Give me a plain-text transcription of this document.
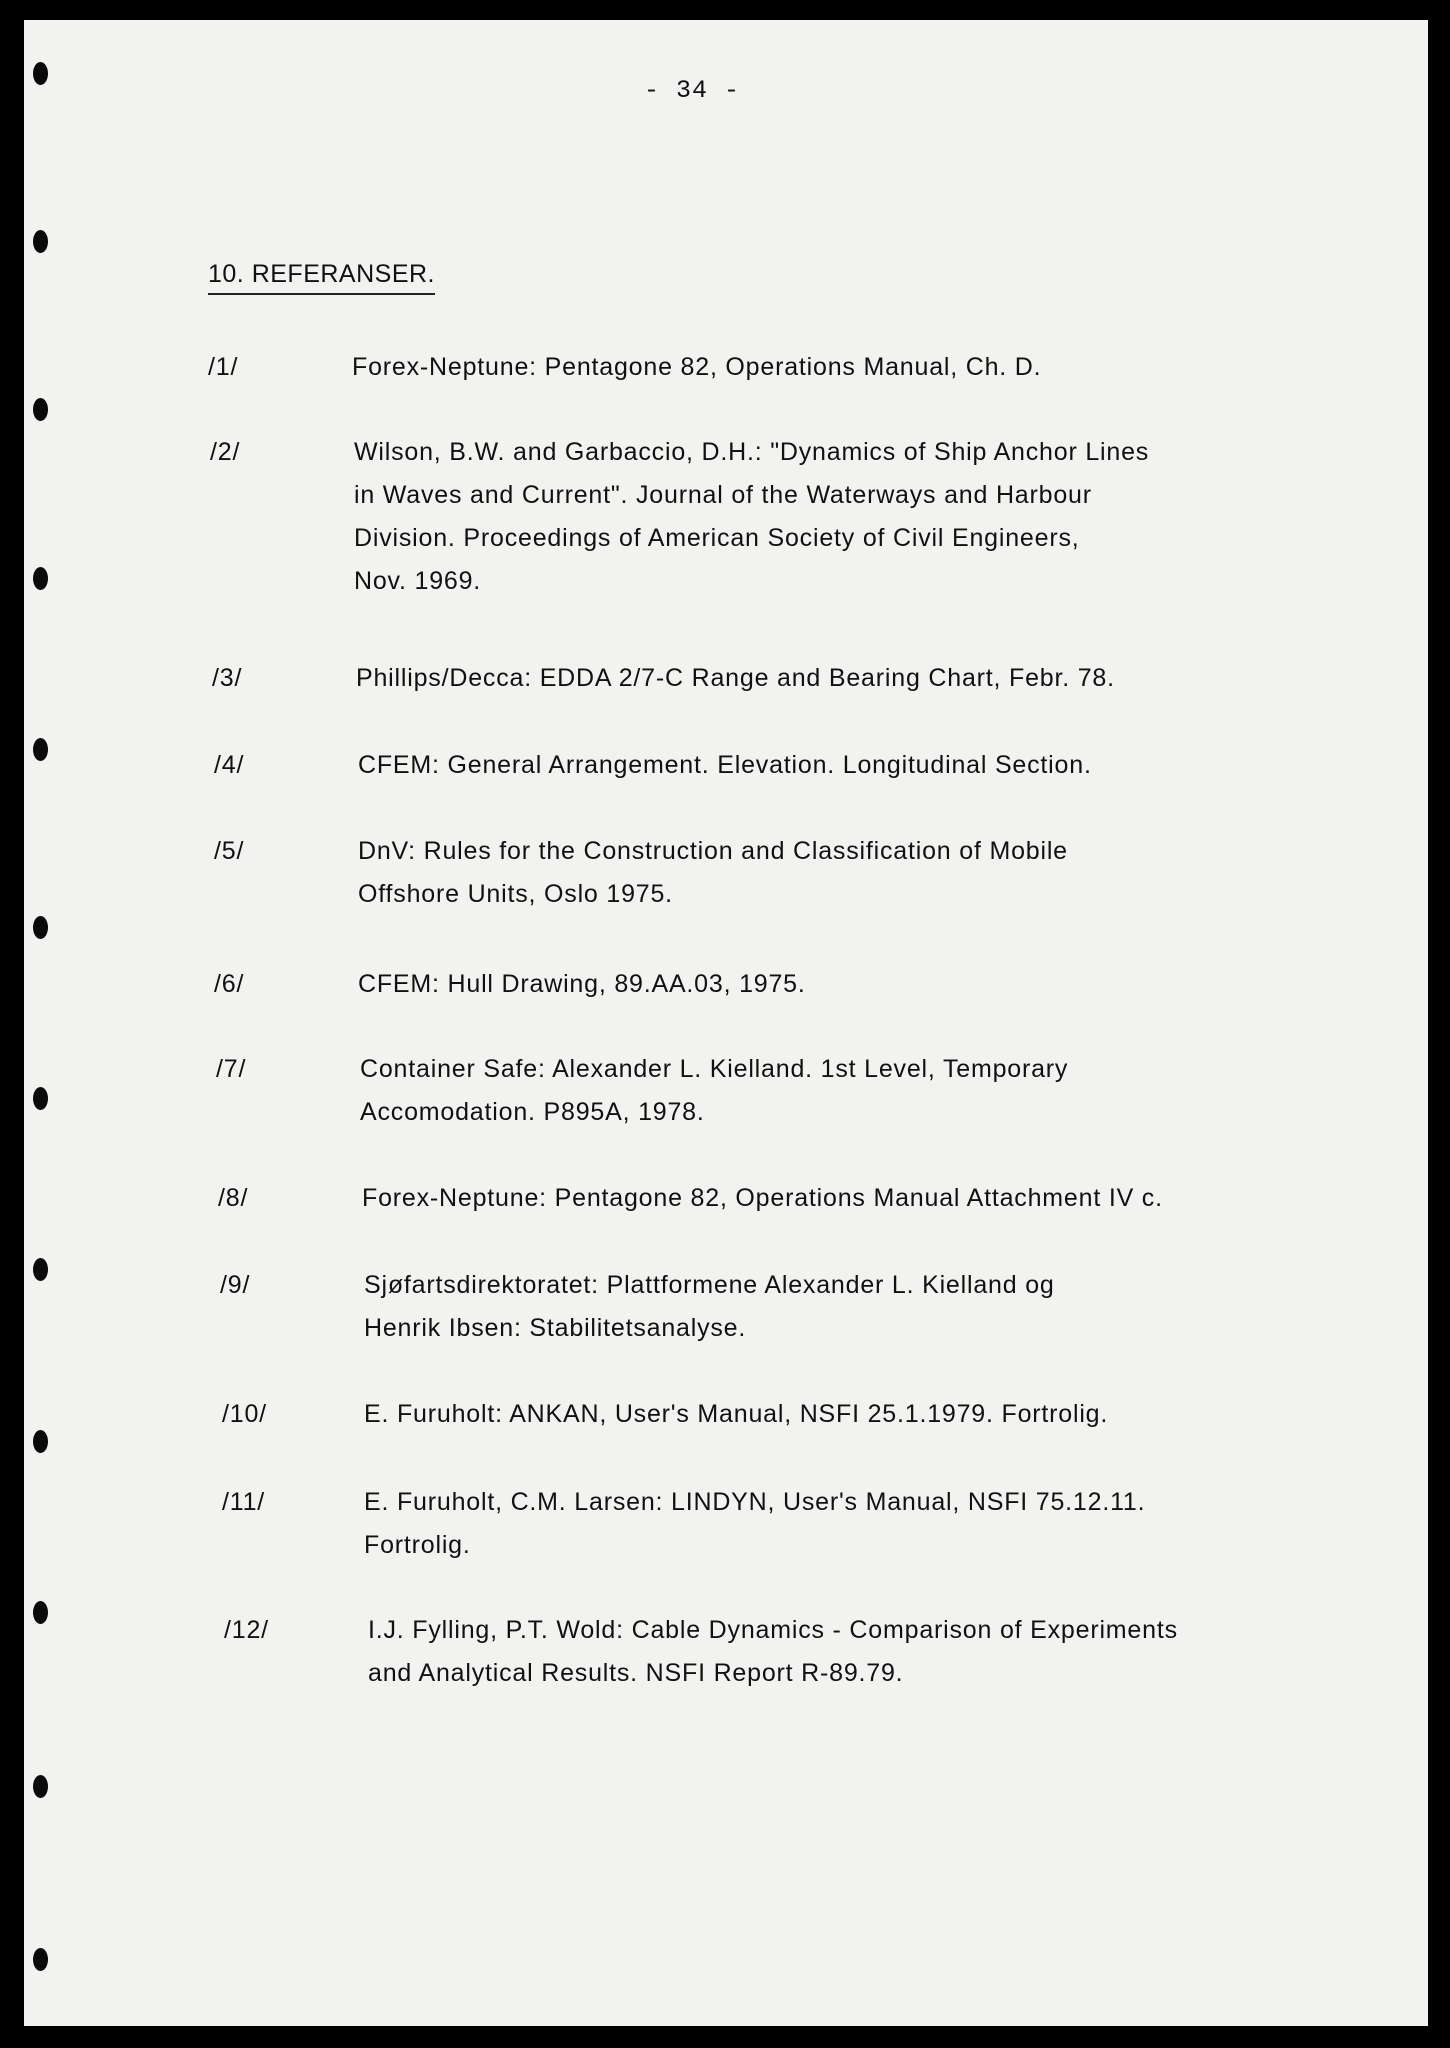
- 34 -
10. REFERANSER.
/1/	Forex-Neptune: Pentagone 82, Operations Manual, Ch. D.
/2/	Wilson, B.W. and Garbaccio, D.H.: "Dynamics of Ship Anchor Lines
in Waves and Current". Journal of the Waterways and Harbour
Division. Proceedings of American Society of Civil Engineers,
Nov. 1969.
/3/	Phillips/Decca: EDDA 2/7-C Range and Bearing Chart, Febr. 78.
/4/	CFEM: General Arrangement. Elevation. Longitudinal Section.
/5/	DnV: Rules for the Construction and Classification of Mobile
Offshore Units, Oslo 1975.
/6/	CFEM: Hull Drawing, 89.AA.03, 1975.
/7/	Container Safe: Alexander L. Kielland. 1st Level, Temporary
Accomodation. P895A, 1978.
/8/	Forex-Neptune: Pentagone 82, Operations Manual Attachment IV c.
/9/	Sjøfartsdirektoratet: Plattformene Alexander L. Kielland og
Henrik Ibsen: Stabilitetsanalyse.
/10/	E. Furuholt: ANKAN, User's Manual, NSFI 25.1.1979. Fortrolig.
/11/	E. Furuholt, C.M. Larsen: LINDYN, User's Manual, NSFI 75.12.11.
Fortrolig.
/12/	I.J. Fylling, P.T. Wold: Cable Dynamics - Comparison of Experiments
and Analytical Results. NSFI Report R-89.79.
